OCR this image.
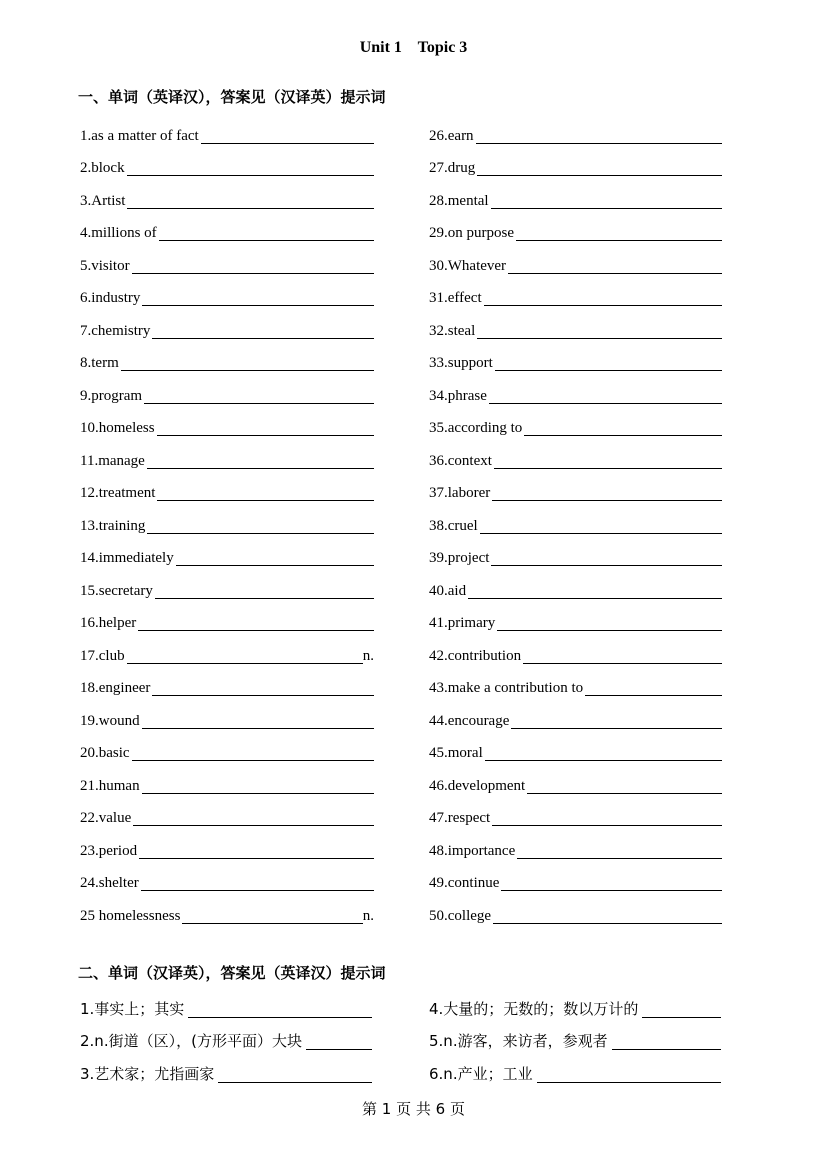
Unit 1    Topic 3
一、单词（英译汉），答案见（汉译英）提示词
1.as a matter of fact
2.block
3.Artist
4.millions of
5.visitor
6.industry
7.chemistry
8.term
9.program
10.homeless
11.manage
12.treatment
13.training
14.immediately
15.secretary
16.helper
17.club	n.
18.engineer
19.wound
20.basic
21.human
22.value
23.period
24.shelter
25 homelessness	n.
26.earn
27.drug
28.mental
29.on purpose
30.Whatever
31.effect
32.steal
33.support
34.phrase
35.according to
36.context
37.laborer
38.cruel
39.project
40.aid
41.primary
42.contribution
43.make a contribution to
44.encourage
45.moral
46.development
47.respect
48.importance
49.continue
50.college
二、单词（汉译英），答案见（英译汉）提示词
1.事实上；其实
2.n.街道（区），(方形平面）大块
3.艺术家；尤指画家
4.大量的；无数的；数以万计的
5.n.游客，来访者，参观者
6.n.产业；工业
第 1 页 共 6 页
